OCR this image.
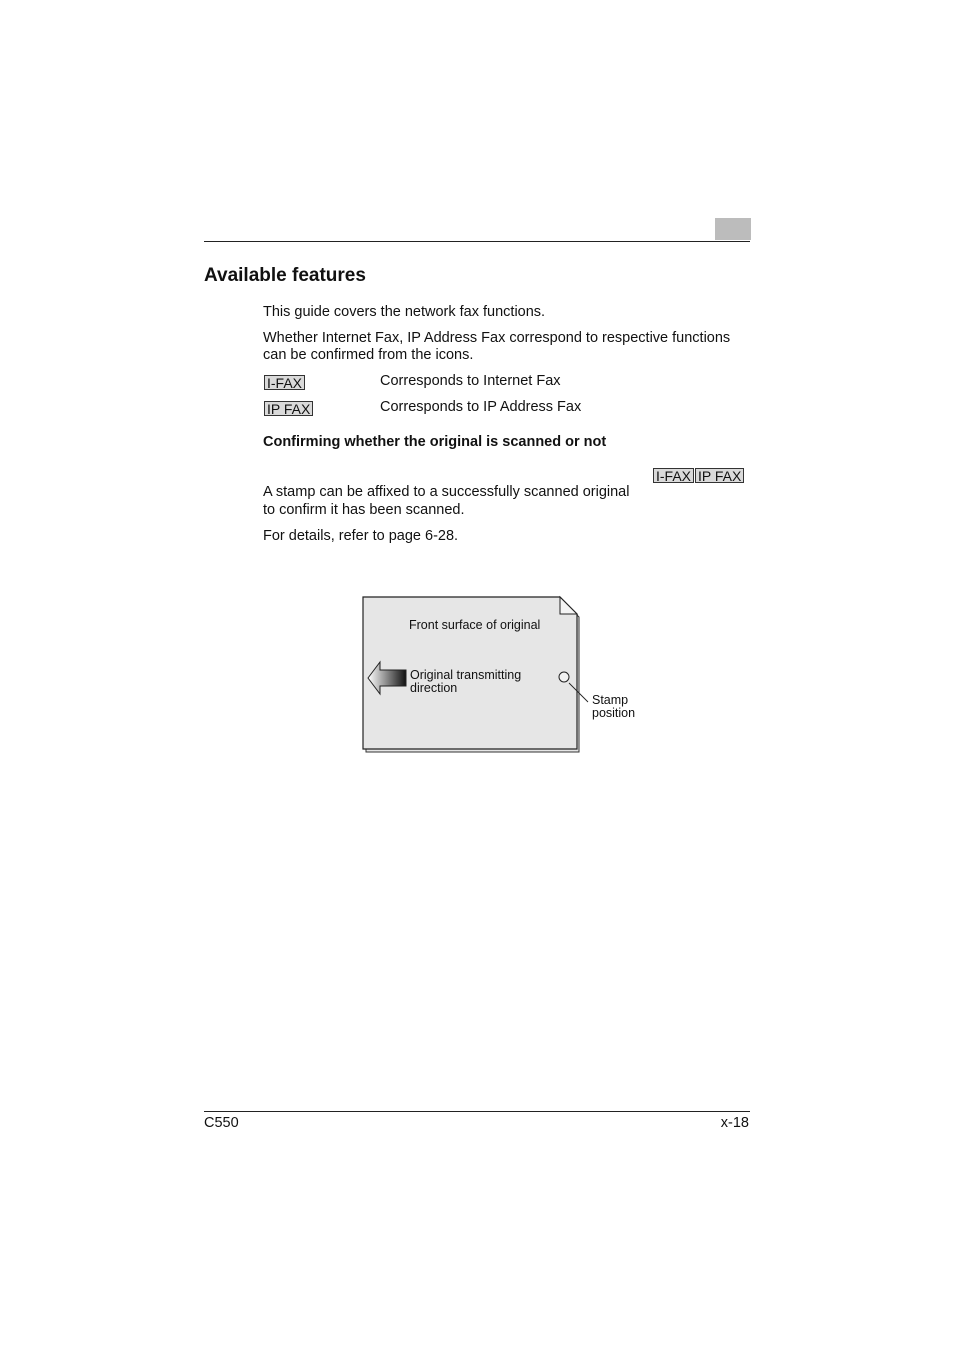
Available features
This guide covers the network fax functions.
Whether Internet Fax, IP Address Fax correspond to respective functions
can be confirmed from the icons.
I-FAX	Corresponds to Internet Fax
IP FAX	Corresponds to IP Address Fax
Confirming whether the original is scanned or not
I-FAX IP FAX
A stamp can be affixed to a successfully scanned original
to confirm it has been scanned.
For details, refer to page 6-28.
Front surface of original
Original transmitting
direction
Stamp
position
C550	x-18
